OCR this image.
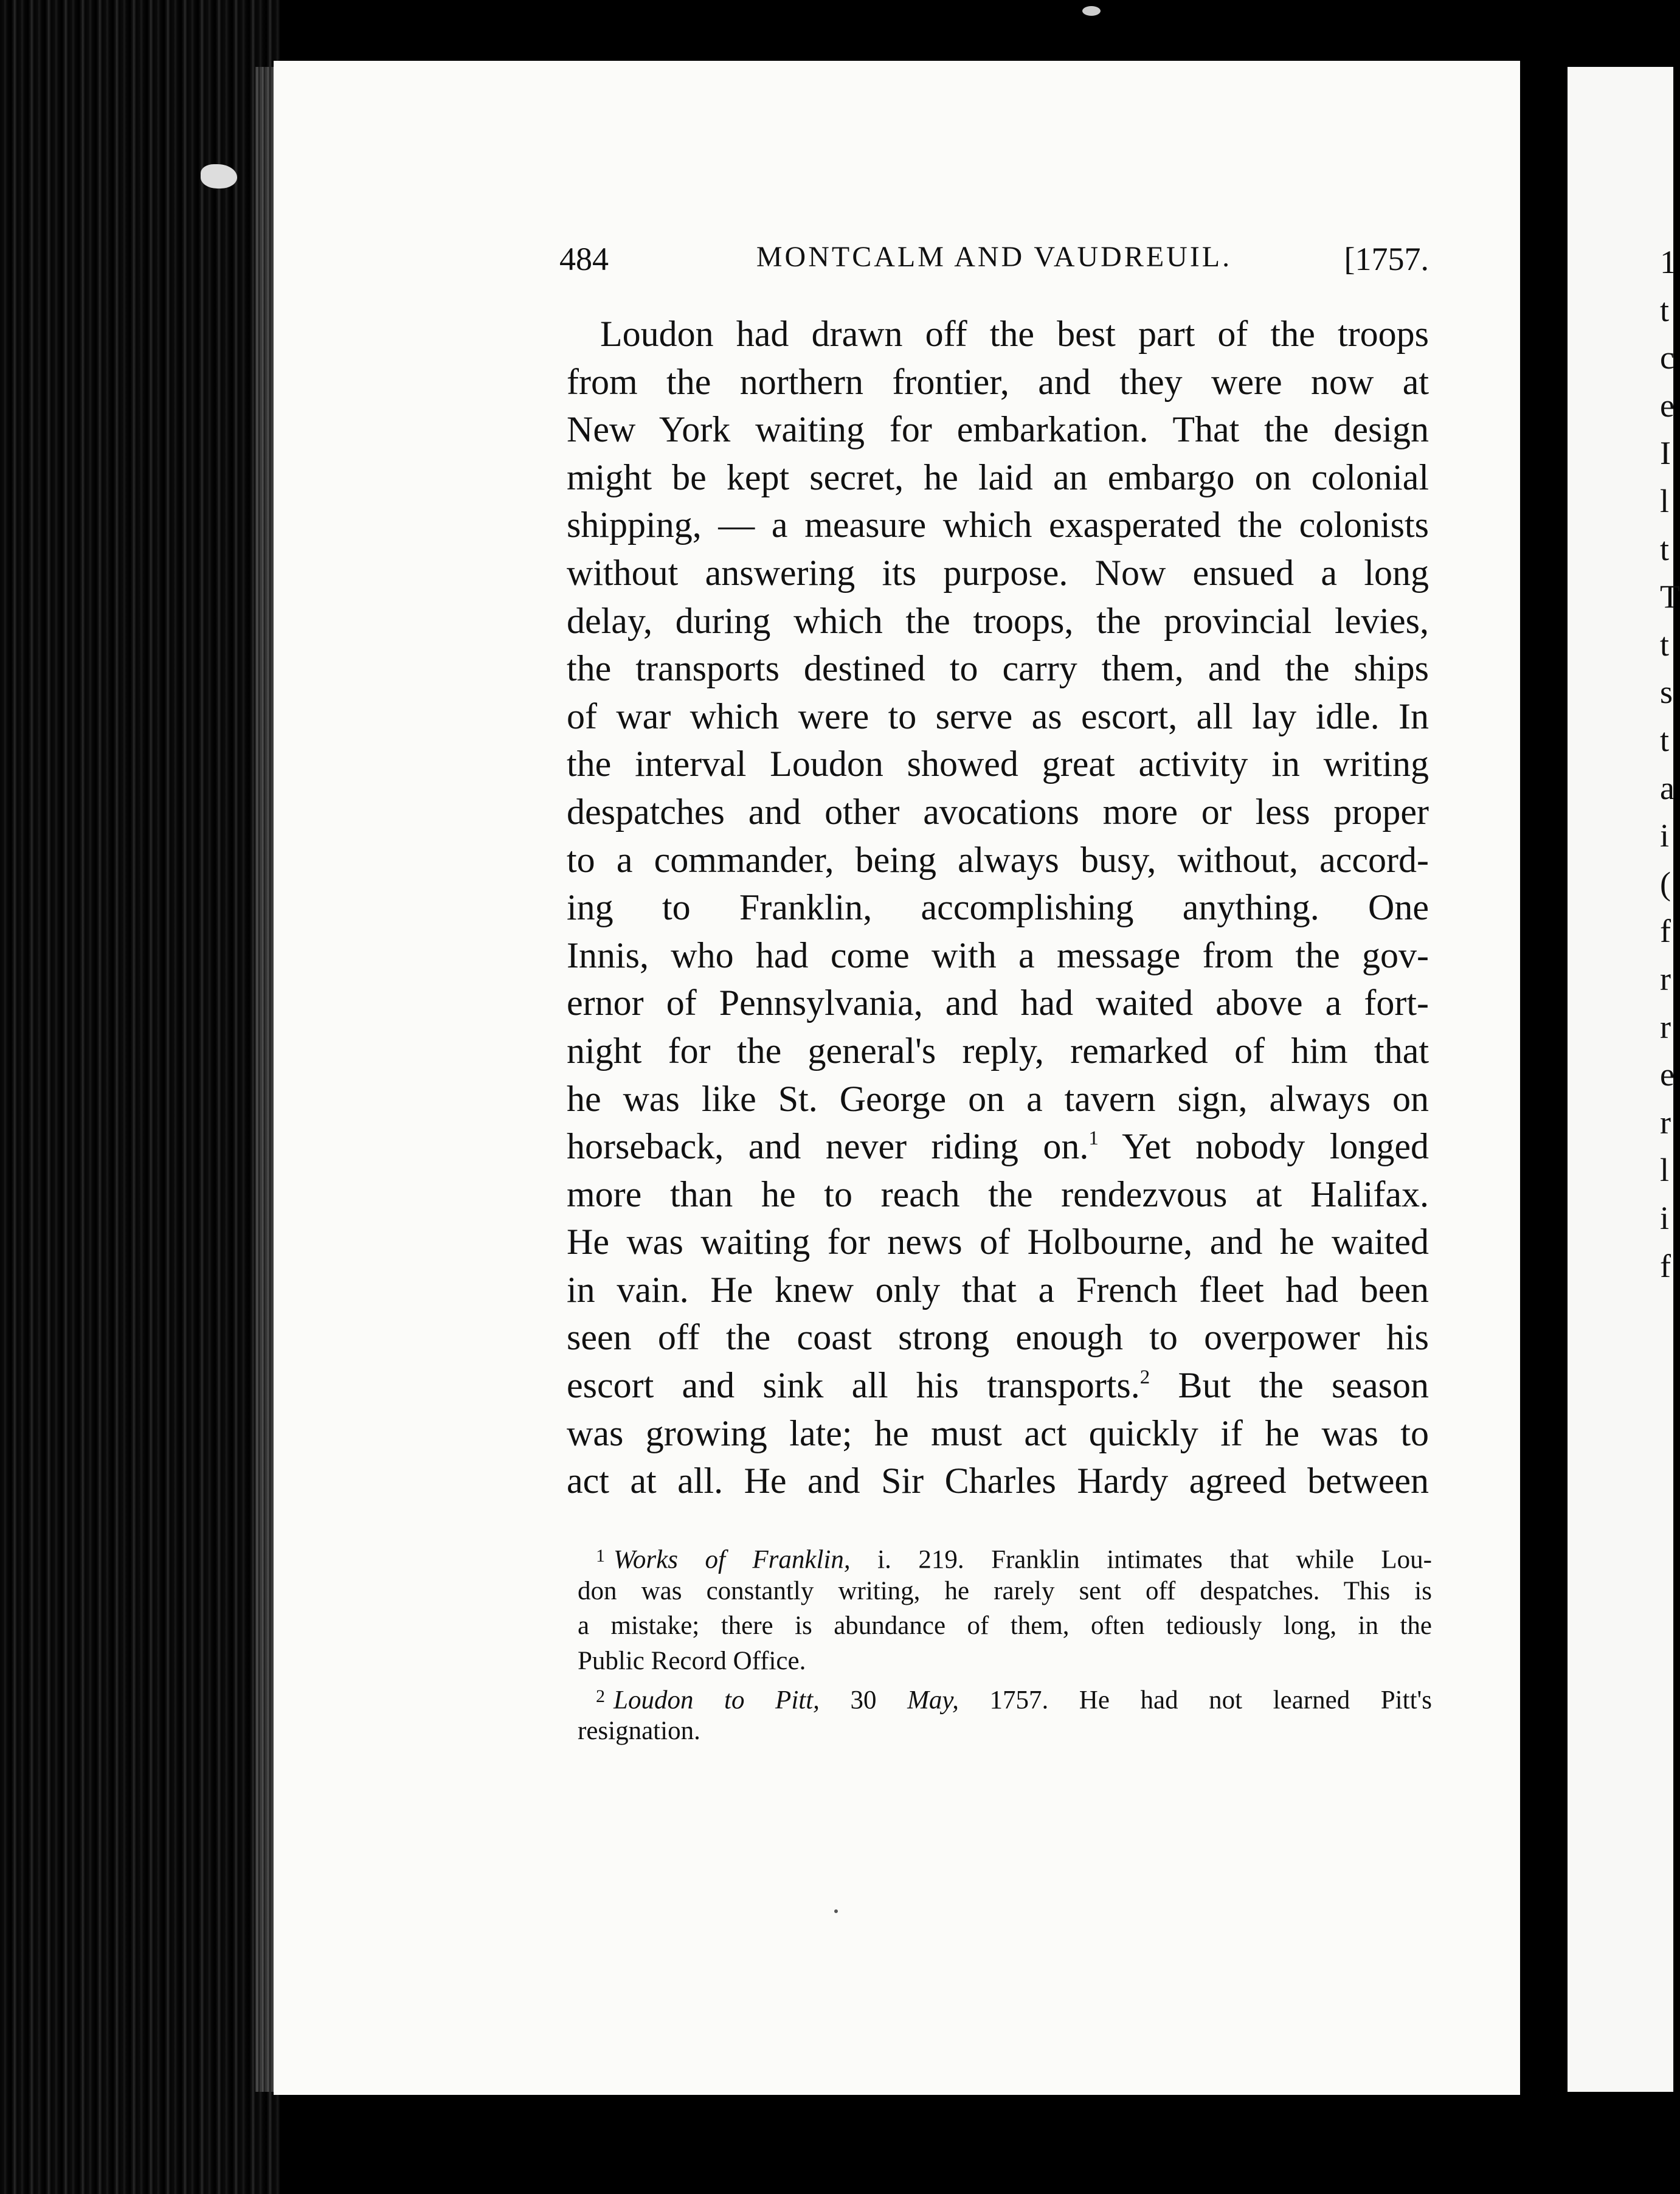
1
t
c
e
I
l
t
T
t
s
t
a
i
(
f
r
r
e
r
l
i
f
484	MONTCALM AND VAUDREUIL.	[1757.
Loudon had drawn off the best part of the troops
from the northern frontier, and they were now at
New York waiting for embarkation. That the design
might be kept secret, he laid an embargo on colonial
shipping, — a measure which exasperated the colonists
without answering its purpose. Now ensued a long
delay, during which the troops, the provincial levies,
the transports destined to carry them, and the ships
of war which were to serve as escort, all lay idle. In
the interval Loudon showed great activity in writing
despatches and other avocations more or less proper
to a commander, being always busy, without, accord-
ing to Franklin, accomplishing anything. One
Innis, who had come with a message from the gov-
ernor of Pennsylvania, and had waited above a fort-
night for the general's reply, remarked of him that
he was like St. George on a tavern sign, always on
horseback, and never riding on.$^1$ Yet nobody longed
more than he to reach the rendezvous at Halifax.
He was waiting for news of Holbourne, and he waited
in vain. He knew only that a French fleet had been
seen off the coast strong enough to overpower his
escort and sink all his transports.$^2$ But the season
was growing late; he must act quickly if he was to
act at all. He and Sir Charles Hardy agreed between
$^1$ Works of Franklin, i. 219. Franklin intimates that while Lou-
don was constantly writing, he rarely sent off despatches. This is
a mistake; there is abundance of them, often tediously long, in the
Public Record Office.
$^2$ Loudon to Pitt, 30 May, 1757. He had not learned Pitt's
resignation.
